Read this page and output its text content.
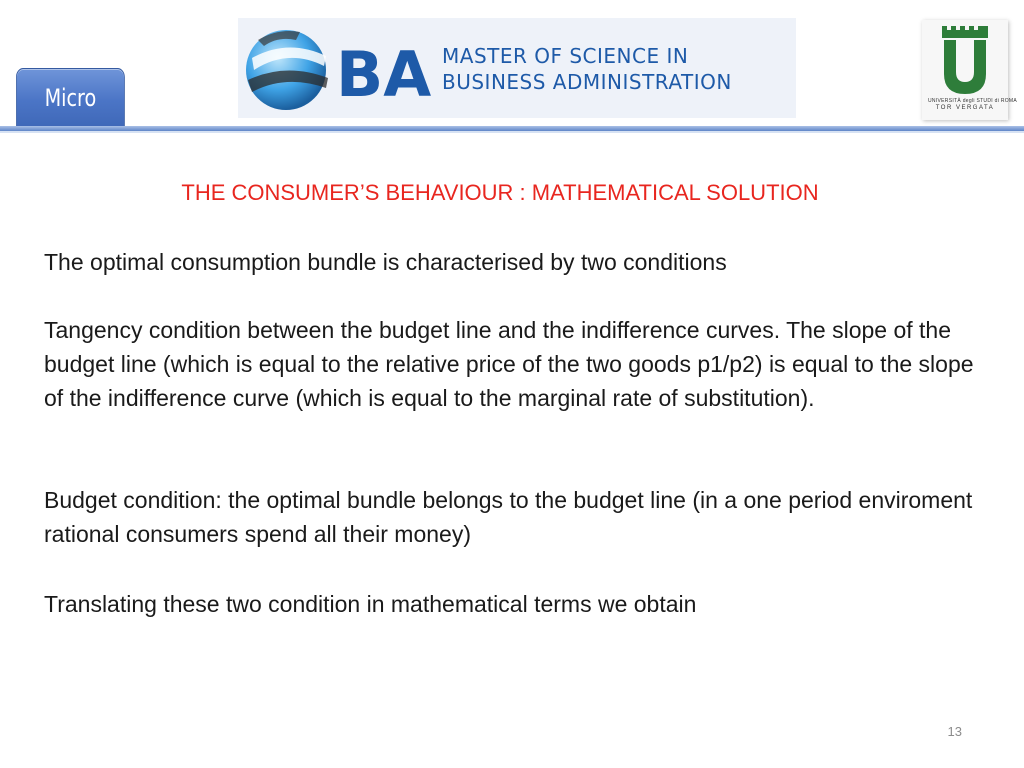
Micro	BA MASTER OF SCIENCE IN
BUSINESS ADMINISTRATION
UNIVERSITÀ degli STUDI di ROMA
TOR VERGATA
THE CONSUMER’S BEHAVIOUR : MATHEMATICAL SOLUTION

The optimal consumption bundle is characterised by two conditions

Tangency condition between the budget line and the indifference curves. The slope of the budget line (which is equal to the relative price of the two goods p1/p2) is equal to the slope of the indifference curve (which is equal to the marginal rate of substitution).

Budget condition: the optimal bundle belongs to the budget line (in a one period enviroment rational consumers spend all their money)

Translating these two condition in mathematical terms we obtain

13
